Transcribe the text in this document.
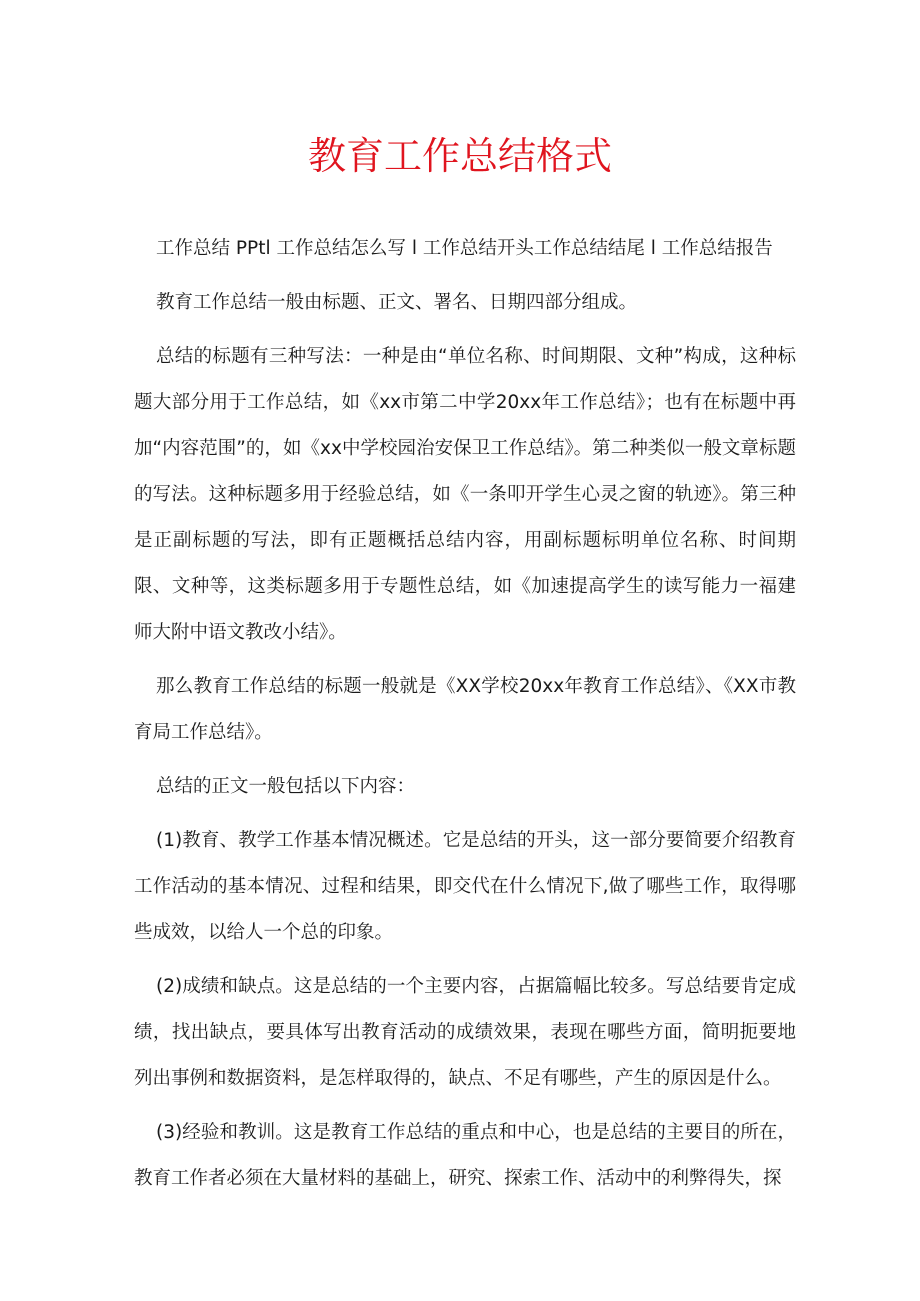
教育工作总结格式

工作总结 PPtl 工作总结怎么写 l 工作总结开头工作总结结尾 l 工作总结报告

教育工作总结一般由标题、正文、署名、日期四部分组成。

总结的标题有三种写法：一种是由“单位名称、时间期限、文种”构成，这种标题大部分用于工作总结，如《xx市第二中学20xx年工作总结》；也有在标题中再加“内容范围”的，如《xx中学校园治安保卫工作总结》。第二种类似一般文章标题的写法。这种标题多用于经验总结，如《一条叩开学生心灵之窗的轨迹》。第三种是正副标题的写法，即有正题概括总结内容，用副标题标明单位名称、时间期限、文种等，这类标题多用于专题性总结，如《加速提高学生的读写能力一福建师大附中语文教改小结》。

那么教育工作总结的标题一般就是《XX学校20xx年教育工作总结》、《XX市教育局工作总结》。

总结的正文一般包括以下内容：

(1)教育、教学工作基本情况概述。它是总结的开头，这一部分要简要介绍教育工作活动的基本情况、过程和结果，即交代在什么情况下,做了哪些工作，取得哪些成效，以给人一个总的印象。

(2)成绩和缺点。这是总结的一个主要内容，占据篇幅比较多。写总结要肯定成绩，找出缺点，要具体写出教育活动的成绩效果，表现在哪些方面，简明扼要地列出事例和数据资料，是怎样取得的，缺点、不足有哪些，产生的原因是什么。

(3)经验和教训。这是教育工作总结的重点和中心，也是总结的主要目的所在，教育工作者必须在大量材料的基础上，研究、探索工作、活动中的利弊得失，探
